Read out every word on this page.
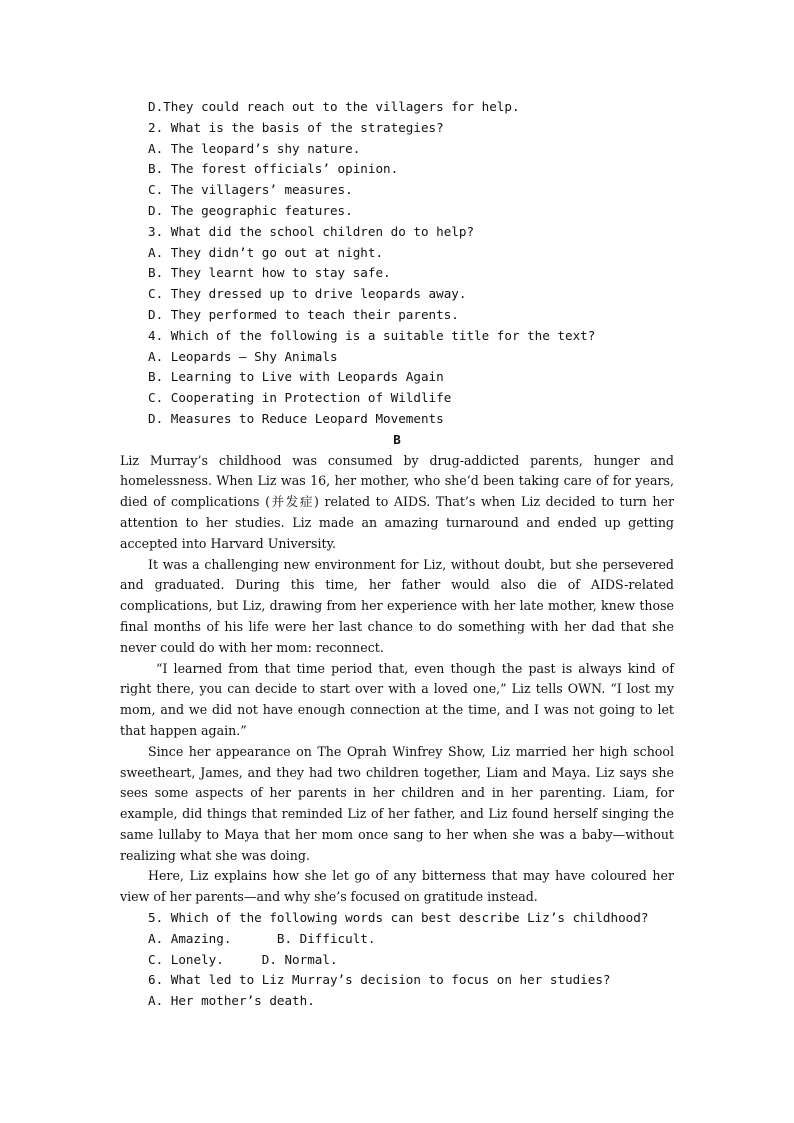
D.They could reach out to the villagers for help.
2. What is the basis of the strategies?
A. The leopard’s shy nature.
B. The forest officials’ opinion.
C. The villagers’ measures.
D. The geographic features.
3. What did the school children do to help?
A. They didn’t go out at night.
B. They learnt how to stay safe.
C. They dressed up to drive leopards away.
D. They performed to teach their parents.
4. Which of the following is a suitable title for the text?
A. Leopards — Shy Animals
B. Learning to Live with Leopards Again
C. Cooperating in Protection of Wildlife
D. Measures to Reduce Leopard Movements
B

Liz Murray’s childhood was consumed by drug-addicted parents, hunger and homelessness. When Liz was 16, her mother, who she’d been taking care of for years, died of complications (并发症) related to AIDS. That’s when Liz decided to turn her attention to her studies. Liz made an amazing turnaround and ended up getting accepted into Harvard University.

It was a challenging new environment for Liz, without doubt, but she persevered and graduated. During this time, her father would also die of AIDS-related complications, but Liz, drawing from her experience with her late mother, knew those final months of his life were her last chance to do something with her dad that she never could do with her mom: reconnect.

“I learned from that time period that, even though the past is always kind of right there, you can decide to start over with a loved one,” Liz tells OWN. “I lost my mom, and we did not have enough connection at the time, and I was not going to let that happen again.”

Since her appearance on The Oprah Winfrey Show, Liz married her high school sweetheart, James, and they had two children together, Liam and Maya. Liz says she sees some aspects of her parents in her children and in her parenting. Liam, for example, did things that reminded Liz of her father, and Liz found herself singing the same lullaby to Maya that her mom once sang to her when she was a baby—without realizing what she was doing.

Here, Liz explains how she let go of any bitterness that may have coloured her view of her parents—and why she’s focused on gratitude instead.

5. Which of the following words can best describe Liz’s childhood?
A. Amazing.      B. Difficult.
C. Lonely.     D. Normal.
6. What led to Liz Murray’s decision to focus on her studies?
A. Her mother’s death.
